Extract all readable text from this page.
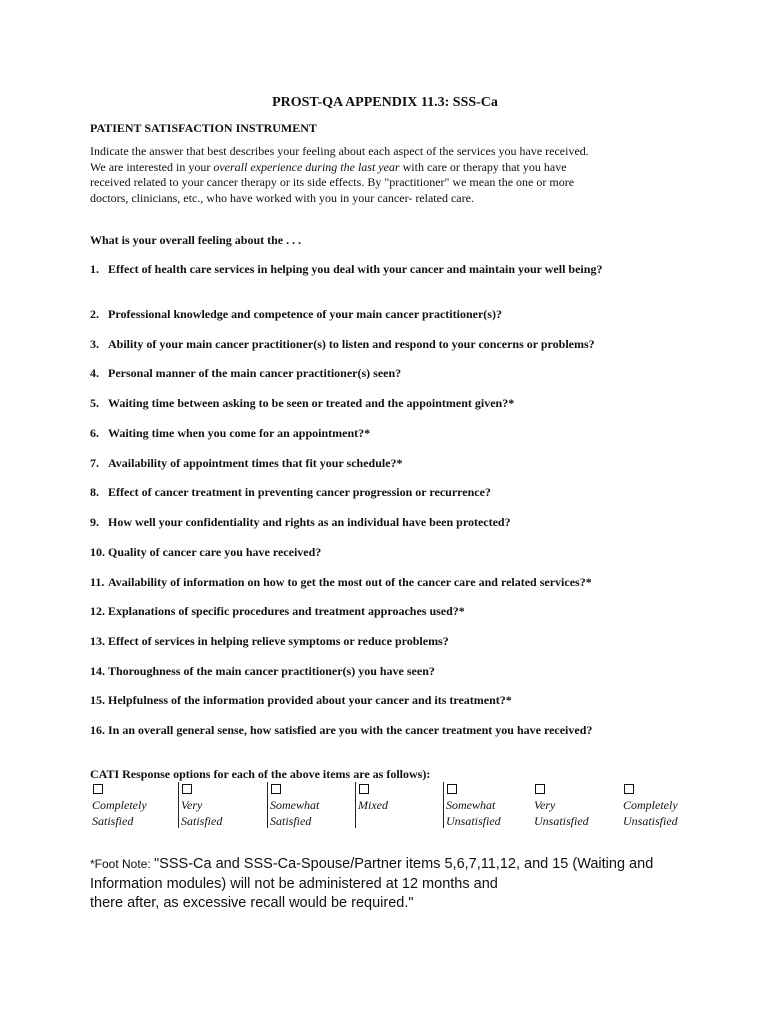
PROST-QA APPENDIX 11.3: SSS-Ca
PATIENT SATISFACTION INSTRUMENT
Indicate the answer that best describes your feeling about each aspect of the services you have received. We are interested in your overall experience during the last year with care or therapy that you have received related to your cancer therapy or its side effects. By "practitioner" we mean the one or more doctors, clinicians, etc., who have worked with you in your cancer- related care.
What is your overall feeling about the . . .
1. Effect of health care services in helping you deal with your cancer and maintain your well being?
2. Professional knowledge and competence of your main cancer practitioner(s)?
3. Ability of your main cancer practitioner(s) to listen and respond to your concerns or problems?
4. Personal manner of the main cancer practitioner(s) seen?
5. Waiting time between asking to be seen or treated and the appointment given?*
6. Waiting time when you come for an appointment?*
7. Availability of appointment times that fit your schedule?*
8. Effect of cancer treatment in preventing cancer progression or recurrence?
9. How well your confidentiality and rights as an individual have been protected?
10. Quality of cancer care you have received?
11. Availability of information on how to get the most out of the cancer care and related services?*
12. Explanations of specific procedures and treatment approaches used?*
13. Effect of services in helping relieve symptoms or reduce problems?
14. Thoroughness of the main cancer practitioner(s) you have seen?
15. Helpfulness of the information provided about your cancer and its treatment?*
16. In an overall general sense, how satisfied are you with the cancer treatment you have received?
CATI Response options for each of the above items are as follows):
Completely
Satisfied
Very
Satisfied
Somewhat
Satisfied
Mixed	Somewhat
Unsatisfied
Very
Unsatisfied
Completely
Unsatisfied
*Foot Note: "SSS-Ca and SSS-Ca-Spouse/Partner items 5,6,7,11,12, and 15 (Waiting and Information modules) will not be administered at 12 months and
there after, as excessive recall would be required."
